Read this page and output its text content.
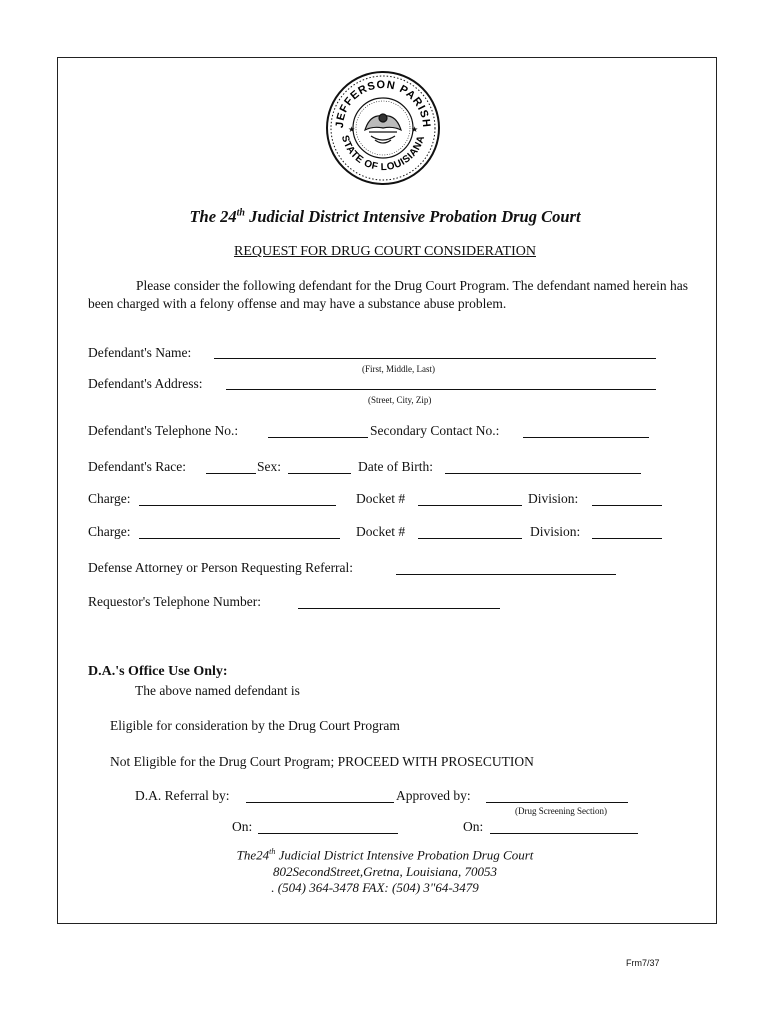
JEFFERSON PARISH
STATE OF LOUISIANA
★	★
The 24th Judicial District Intensive Probation Drug Court
REQUEST FOR DRUG COURT CONSIDERATION
Please consider the following defendant for the Drug Court Program. The defendant named herein has been charged with a felony offense and may have a substance abuse problem.
Defendant's Name:
(First, Middle, Last)
Defendant's Address:
(Street, City, Zip)
Defendant's Telephone No.:	Secondary Contact No.:
Defendant's Race:	Sex:	Date of Birth:
Charge:	Docket #	Division:
Charge:	Docket #	Division:
Defense Attorney or Person Requesting Referral:
Requestor's Telephone Number:
D.A.'s Office Use Only:
The above named defendant is
Eligible for consideration by the Drug Court Program
Not Eligible for the Drug Court Program; PROCEED WITH PROSECUTION
D.A. Referral by:	Approved by:
(Drug Screening Section)
On:	On:
The24th Judicial District Intensive Probation Drug Court
802SecondStreet,Gretna, Louisiana, 70053
. (504) 364-3478 FAX: (504) 3"64-3479
Frm7/37
